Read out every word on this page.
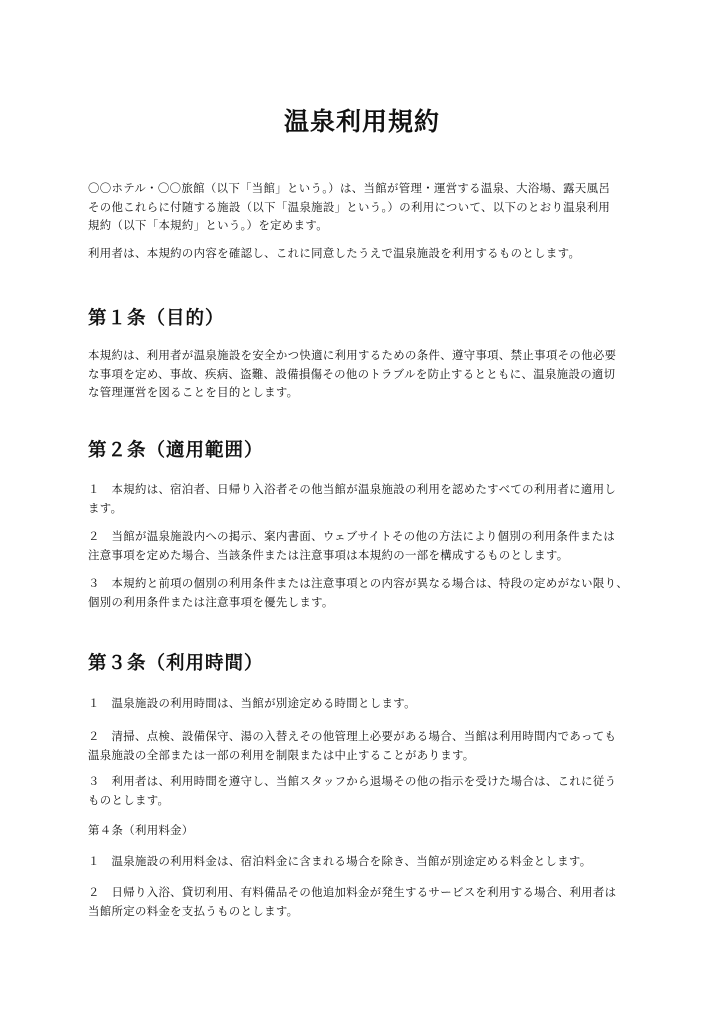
温泉利用規約
〇〇ホテル・〇〇旅館（以下「当館」という。）は、当館が管理・運営する温泉、大浴場、露天風呂
その他これらに付随する施設（以下「温泉施設」という。）の利用について、以下のとおり温泉利用
規約（以下「本規約」という。）を定めます。
利用者は、本規約の内容を確認し、これに同意したうえで温泉施設を利用するものとします。
第１条（目的）
本規約は、利用者が温泉施設を安全かつ快適に利用するための条件、遵守事項、禁止事項その他必要
な事項を定め、事故、疾病、盗難、設備損傷その他のトラブルを防止するとともに、温泉施設の適切
な管理運営を図ることを目的とします。
第２条（適用範囲）
１　本規約は、宿泊者、日帰り入浴者その他当館が温泉施設の利用を認めたすべての利用者に適用し
ます。
２　当館が温泉施設内への掲示、案内書面、ウェブサイトその他の方法により個別の利用条件または
注意事項を定めた場合、当該条件または注意事項は本規約の一部を構成するものとします。
３　本規約と前項の個別の利用条件または注意事項との内容が異なる場合は、特段の定めがない限り、
個別の利用条件または注意事項を優先します。
第３条（利用時間）
１　温泉施設の利用時間は、当館が別途定める時間とします。
２　清掃、点検、設備保守、湯の入替えその他管理上必要がある場合、当館は利用時間内であっても
温泉施設の全部または一部の利用を制限または中止することがあります。
３　利用者は、利用時間を遵守し、当館スタッフから退場その他の指示を受けた場合は、これに従う
ものとします。
第４条（利用料金）
１　温泉施設の利用料金は、宿泊料金に含まれる場合を除き、当館が別途定める料金とします。
２　日帰り入浴、貸切利用、有料備品その他追加料金が発生するサービスを利用する場合、利用者は
当館所定の料金を支払うものとします。
